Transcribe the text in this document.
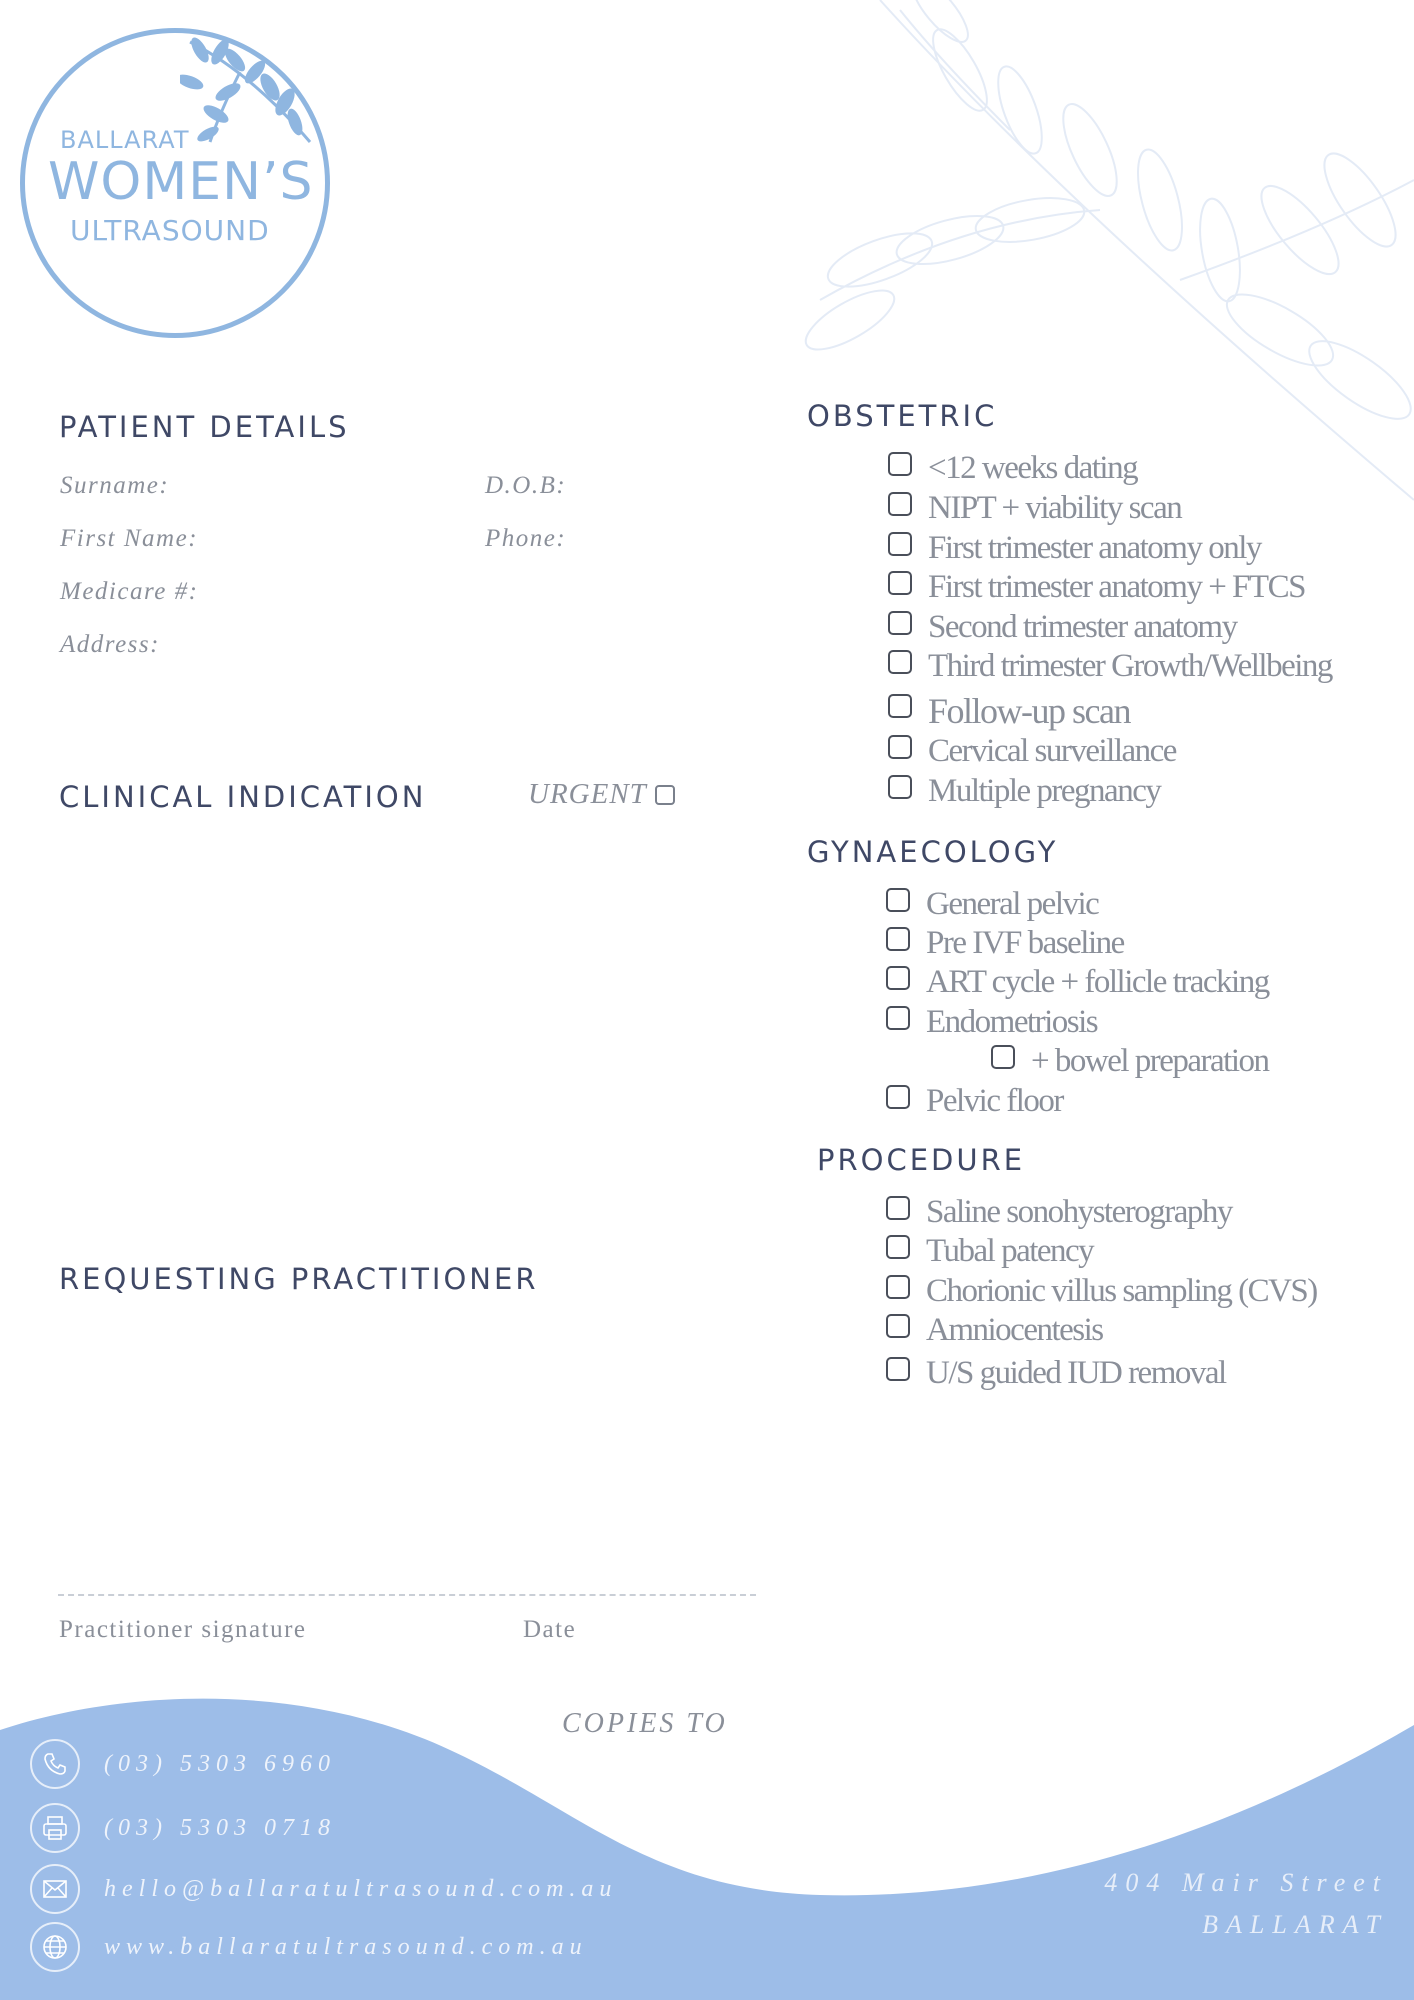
BALLARAT
WOMEN’S
ULTRASOUND
PATIENT DETAILS
Surname:	D.O.B:
First Name:	Phone:
Medicare #:
Address:
CLINICAL INDICATION	URGENT
REQUESTING PRACTITIONER
Practitioner signature	Date
OBSTETRIC
<12 weeks dating
NIPT + viability scan
First trimester anatomy only
First trimester anatomy + FTCS
Second trimester anatomy
Third trimester Growth/Wellbeing
Follow-up scan
Cervical surveillance
Multiple pregnancy
GYNAECOLOGY
General pelvic
Pre IVF baseline
ART cycle + follicle tracking
Endometriosis
+ bowel preparation
Pelvic floor
PROCEDURE
Saline sonohysterography
Tubal patency
Chorionic villus sampling (CVS)
Amniocentesis
U/S guided IUD removal
COPIES TO
(03) 5303 6960
(03) 5303 0718
hello@ballaratultrasound.com.au
www.ballaratultrasound.com.au
404 Mair Street
BALLARAT
